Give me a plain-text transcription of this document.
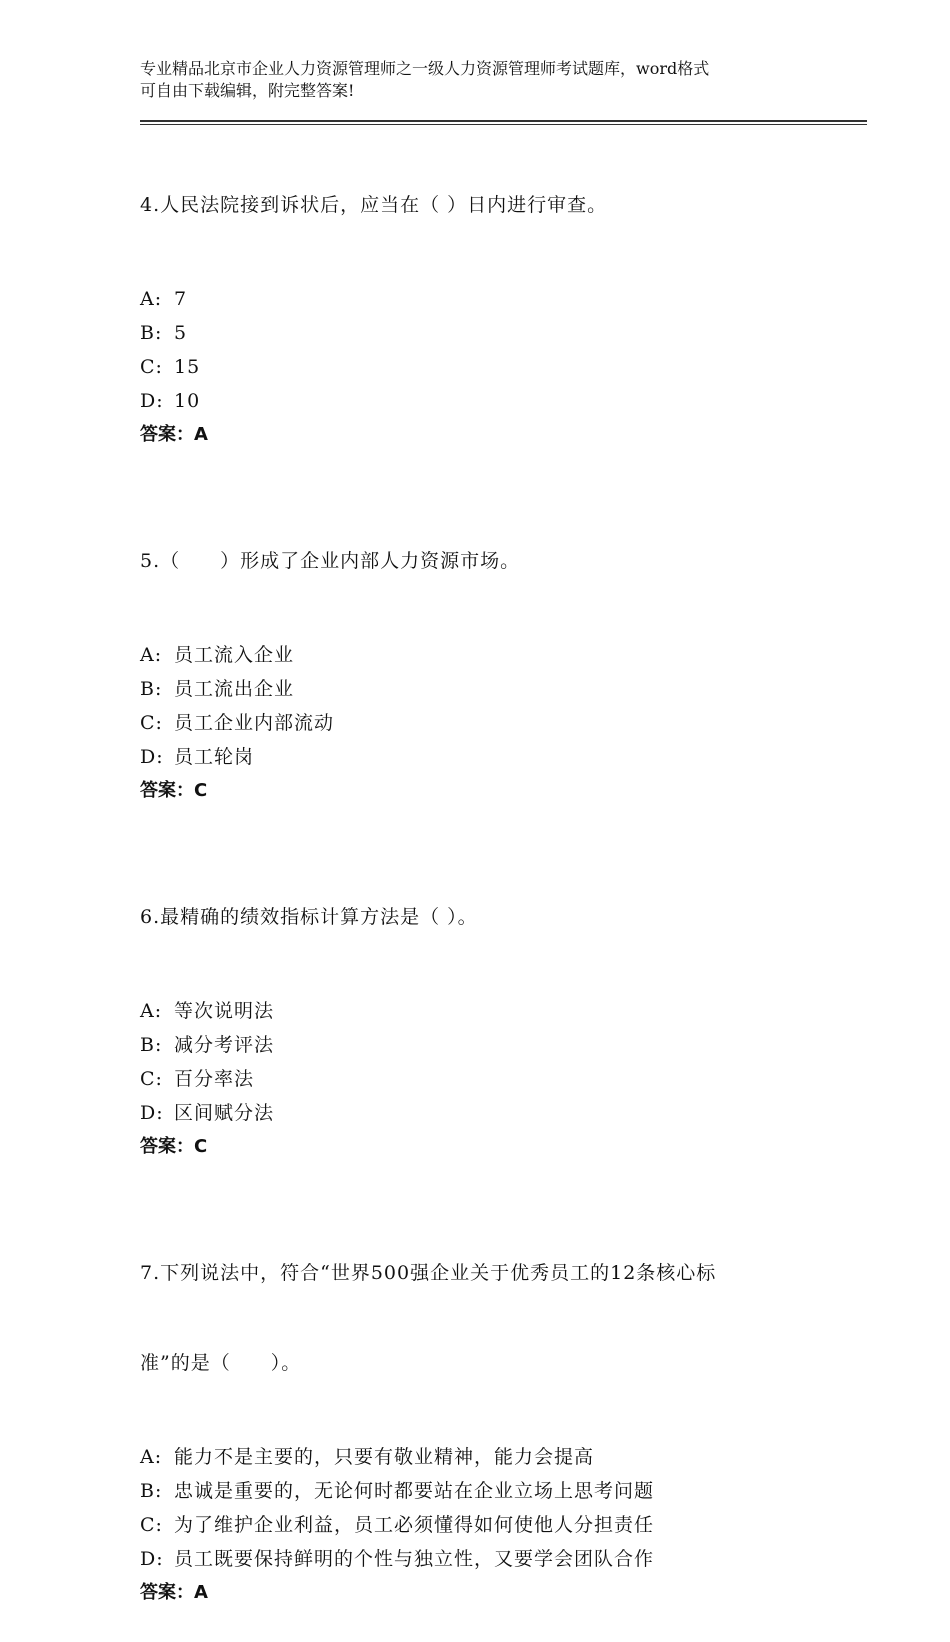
专业精品北京市企业人力资源管理师之一级人力资源管理师考试题库，word格式
可自由下载编辑，附完整答案!

4.人民法院接到诉状后，应当在（ ）日内进行审查。

A: 7
B: 5
C: 15
D: 10
答案：A

5.（　　）形成了企业内部人力资源市场。

A: 员工流入企业
B: 员工流出企业
C: 员工企业内部流动
D: 员工轮岗
答案：C

6.最精确的绩效指标计算方法是（ ）。

A: 等次说明法
B: 减分考评法
C: 百分率法
D: 区间赋分法
答案：C

7.下列说法中，符合“世界500强企业关于优秀员工的12条核心标

准”的是（　　）。

A: 能力不是主要的，只要有敬业精神，能力会提高
B: 忠诚是重要的，无论何时都要站在企业立场上思考问题
C: 为了维护企业利益，员工必须懂得如何使他人分担责任
D: 员工既要保持鲜明的个性与独立性，又要学会团队合作
答案：A
